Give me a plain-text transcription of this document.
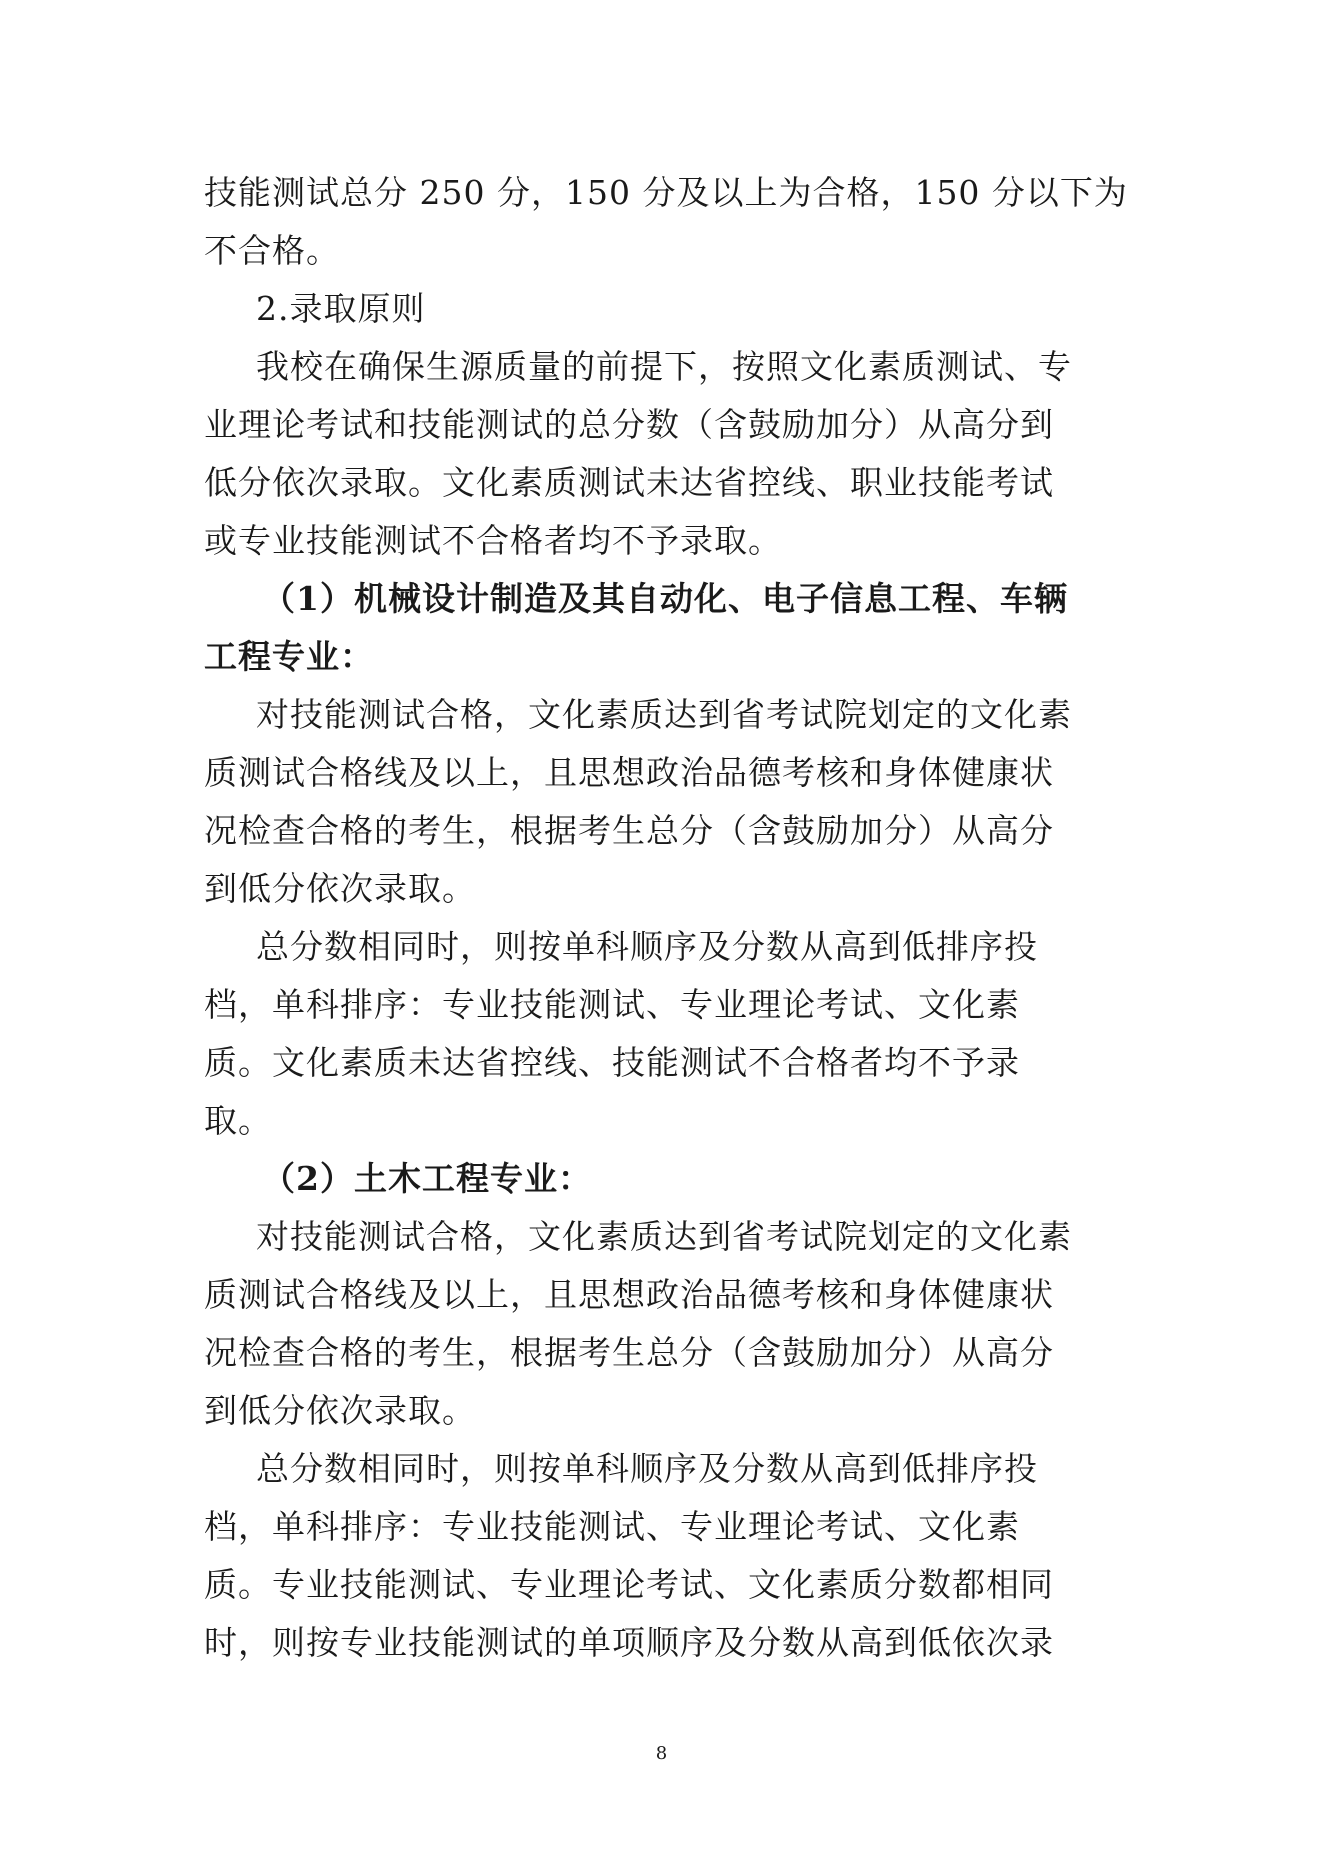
技能测试总分 250 分，150 分及以上为合格，150 分以下为
不合格。
2.录取原则
我校在确保生源质量的前提下，按照文化素质测试、专
业理论考试和技能测试的总分数（含鼓励加分）从高分到
低分依次录取。文化素质测试未达省控线、职业技能考试
或专业技能测试不合格者均不予录取。
（1）机械设计制造及其自动化、电子信息工程、车辆
工程专业：
对技能测试合格，文化素质达到省考试院划定的文化素
质测试合格线及以上，且思想政治品德考核和身体健康状
况检查合格的考生，根据考生总分（含鼓励加分）从高分
到低分依次录取。
总分数相同时，则按单科顺序及分数从高到低排序投
档，单科排序：专业技能测试、专业理论考试、文化素
质。文化素质未达省控线、技能测试不合格者均不予录
取。
（2）土木工程专业：
对技能测试合格，文化素质达到省考试院划定的文化素
质测试合格线及以上，且思想政治品德考核和身体健康状
况检查合格的考生，根据考生总分（含鼓励加分）从高分
到低分依次录取。
总分数相同时，则按单科顺序及分数从高到低排序投
档，单科排序：专业技能测试、专业理论考试、文化素
质。专业技能测试、专业理论考试、文化素质分数都相同
时，则按专业技能测试的单项顺序及分数从高到低依次录
8
